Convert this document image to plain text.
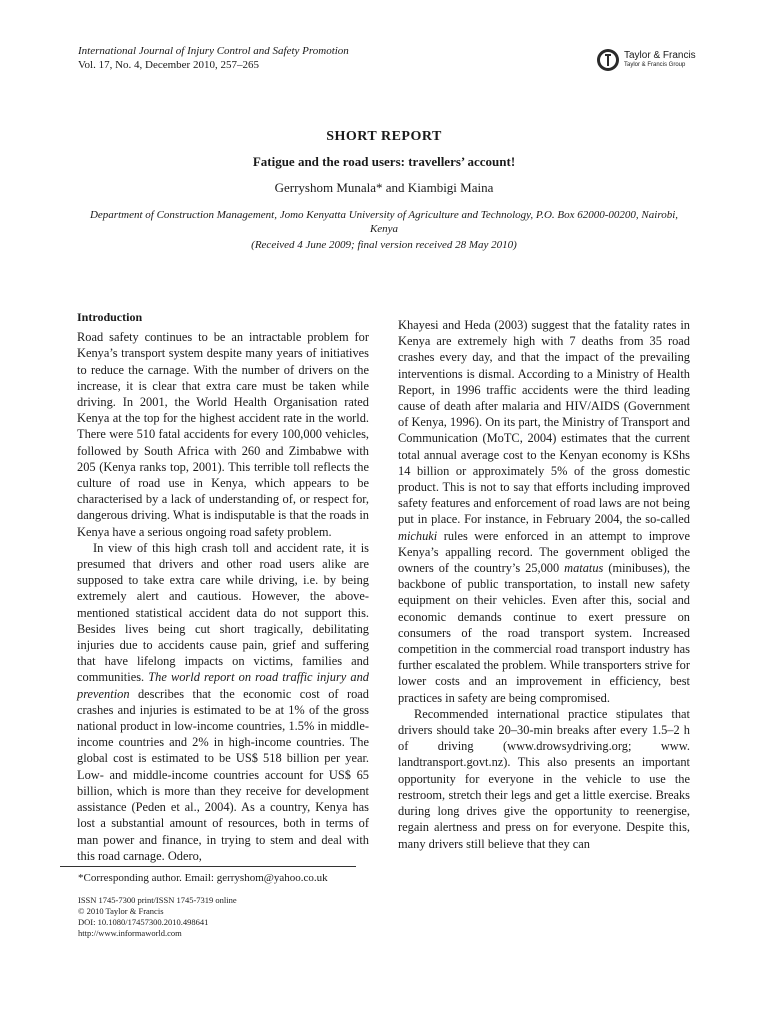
International Journal of Injury Control and Safety Promotion
Vol. 17, No. 4, December 2010, 257–265
Taylor & Francis
Taylor & Francis Group
SHORT REPORT
Fatigue and the road users: travellers’ account!
Gerryshom Munala* and Kiambigi Maina
Department of Construction Management, Jomo Kenyatta University of Agriculture and Technology, P.O. Box 62000-00200, Nairobi, Kenya
(Received 4 June 2009; final version received 28 May 2010)
Introduction

Road safety continues to be an intractable problem for Kenya’s transport system despite many years of initiatives to reduce the carnage. With the number of drivers on the increase, it is clear that extra care must be taken while driving. In 2001, the World Health Organisation rated Kenya at the top for the highest accident rate in the world. There were 510 fatal accidents for every 100,000 vehicles, followed by South Africa with 260 and Zimbabwe with 205 (Kenya ranks top, 2001). This terrible toll reflects the culture of road use in Kenya, which appears to be characterised by a lack of understanding of, or respect for, dangerous driving. What is indisputable is that the roads in Kenya have a serious ongoing road safety problem.

In view of this high crash toll and accident rate, it is presumed that drivers and other road users alike are supposed to take extra care while driving, i.e. by being extremely alert and cautious. However, the above-mentioned statistical accident data do not support this. Besides lives being cut short tragically, debilitating injuries due to accidents cause pain, grief and suffering that have lifelong impacts on victims, families and communities. The world report on road traffic injury and prevention describes that the economic cost of road crashes and injuries is estimated to be at 1% of the gross national product in low-income countries, 1.5% in middle-income countries and 2% in high-income countries. The global cost is estimated to be US$ 518 billion per year. Low- and middle-income countries account for US$ 65 billion, which is more than they receive for development assistance (Peden et al., 2004). As a country, Kenya has lost a substantial amount of resources, both in terms of man power and finance, in trying to stem and deal with this road carnage. Odero,

Khayesi and Heda (2003) suggest that the fatality rates in Kenya are extremely high with 7 deaths from 35 road crashes every day, and that the impact of the prevailing interventions is dismal. According to a Ministry of Health Report, in 1996 traffic accidents were the third leading cause of death after malaria and HIV/AIDS (Government of Kenya, 1996). On its part, the Ministry of Transport and Communication (MoTC, 2004) estimates that the current total annual average cost to the Kenyan economy is KShs 14 billion or approximately 5% of the gross domestic product. This is not to say that efforts including improved safety features and enforcement of road laws are not being put in place. For instance, in February 2004, the so-called michuki rules were enforced in an attempt to improve Kenya’s appalling record. The government obliged the owners of the country’s 25,000 matatus (minibuses), the backbone of public transportation, to install new safety equipment on their vehicles. Even after this, social and economic demands continue to exert pressure on consumers of the road transport system. Increased competition in the commercial road transport industry has further escalated the problem. While transporters strive for lower costs and an improvement in efficiency, best practices in safety are being compromised.

Recommended international practice stipulates that drivers should take 20–30-min breaks after every 1.5–2 h of driving (www.drowsydriving.org; www. landtransport.govt.nz). This also presents an important opportunity for everyone in the vehicle to use the restroom, stretch their legs and get a little exercise. Breaks during long drives give the opportunity to reenergise, regain alertness and press on for everyone. Despite this, many drivers still believe that they can

*Corresponding author. Email: gerryshom@yahoo.co.uk
ISSN 1745-7300 print/ISSN 1745-7319 online
© 2010 Taylor & Francis
DOI: 10.1080/17457300.2010.498641
http://www.informaworld.com
